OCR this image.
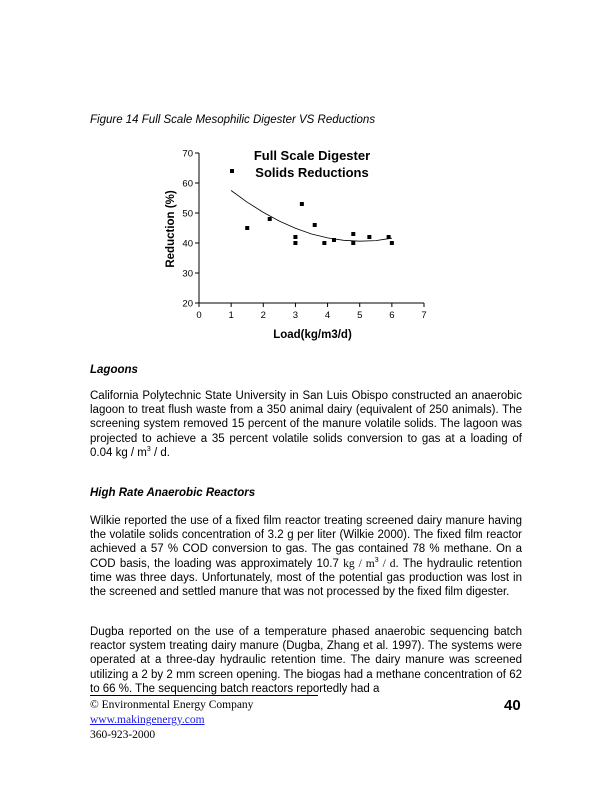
Figure 14 Full Scale Mesophilic Digester VS Reductions
20
30
40
50
60
70
0	1	2	3	4	5	6	7
Load(kg/m3/d)
Reduction (%)
Full Scale Digester
Solids Reductions
Lagoons

California Polytechnic State University in San Luis Obispo constructed an anaerobic lagoon to treat flush waste from a 350 animal dairy (equivalent of 250 animals). The screening system removed 15 percent of the manure volatile solids. The lagoon was projected to achieve a 35 percent volatile solids conversion to gas at a loading of 0.04 kg / $m^3$ / d.

High Rate Anaerobic Reactors

Wilkie reported the use of a fixed film reactor treating screened dairy manure having the volatile solids concentration of 3.2 g per liter (Wilkie 2000). The fixed film reactor achieved a 57 % COD conversion to gas. The gas contained 78 % methane. On a COD basis, the loading was approximately 10.7 kg / $m^3$ / d. The hydraulic retention time was three days. Unfortunately, most of the potential gas production was lost in the screened and settled manure that was not processed by the fixed film digester.

Dugba reported on the use of a temperature phased anaerobic sequencing batch reactor system treating dairy manure (Dugba, Zhang et al. 1997). The systems were operated at a three-day hydraulic retention time. The dairy manure was screened utilizing a 2 by 2 mm screen opening. The biogas had a methane concentration of 62 to 66 %. The sequencing batch reactors reportedly had a

© Environmental Energy Company
www.makingenergy.com
360-923-2000
40
